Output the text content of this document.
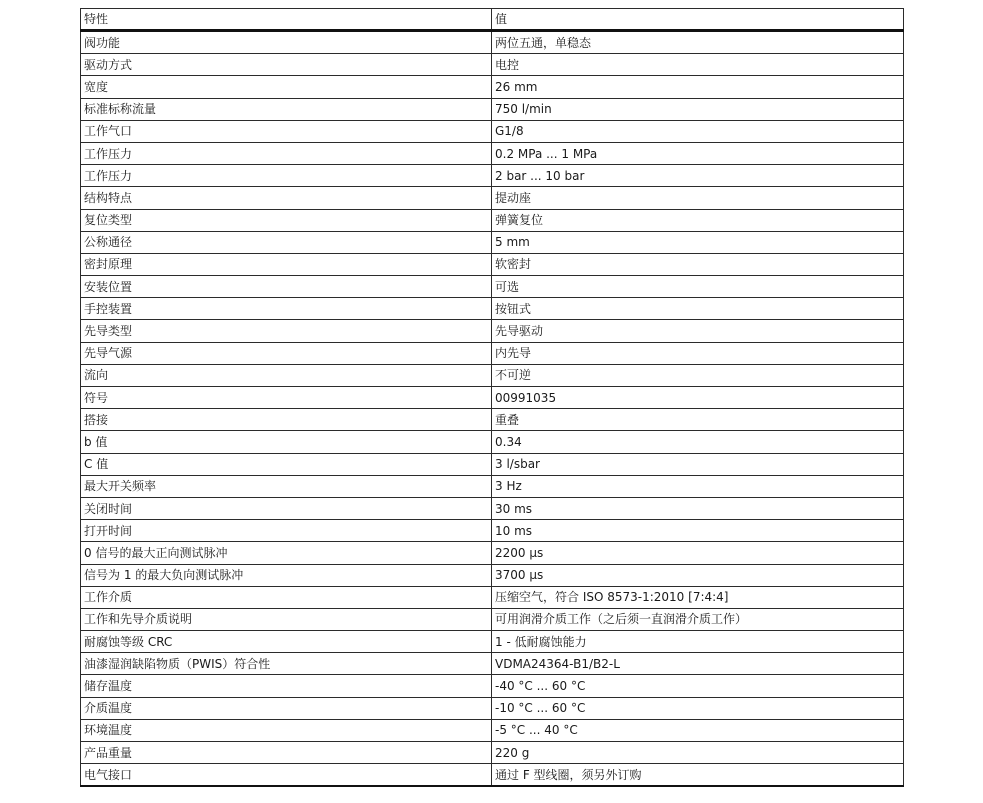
特性	值
阀功能	两位五通，单稳态
驱动方式	电控
宽度	26 mm
标准标称流量	750 l/min
工作气口	G1/8
工作压力	0.2 MPa ... 1 MPa
工作压力	2 bar ... 10 bar
结构特点	提动座
复位类型	弹簧复位
公称通径	5 mm
密封原理	软密封
安装位置	可选
手控装置	按钮式
先导类型	先导驱动
先导气源	内先导
流向	不可逆
符号	00991035
搭接	重叠
b 值	0.34
C 值	3 l/sbar
最大开关频率	3 Hz
关闭时间	30 ms
打开时间	10 ms
0 信号的最大正向测试脉冲	2200 µs
信号为 1 的最大负向测试脉冲	3700 µs
工作介质	压缩空气，符合 ISO 8573-1:2010 [7:4:4]
工作和先导介质说明	可用润滑介质工作（之后须一直润滑介质工作）
耐腐蚀等级 CRC	1 - 低耐腐蚀能力
油漆湿润缺陷物质（PWIS）符合性	VDMA24364-B1/B2-L
储存温度	-40 °C ... 60 °C
介质温度	-10 °C ... 60 °C
环境温度	-5 °C ... 40 °C
产品重量	220 g
电气接口	通过 F 型线圈，须另外订购
